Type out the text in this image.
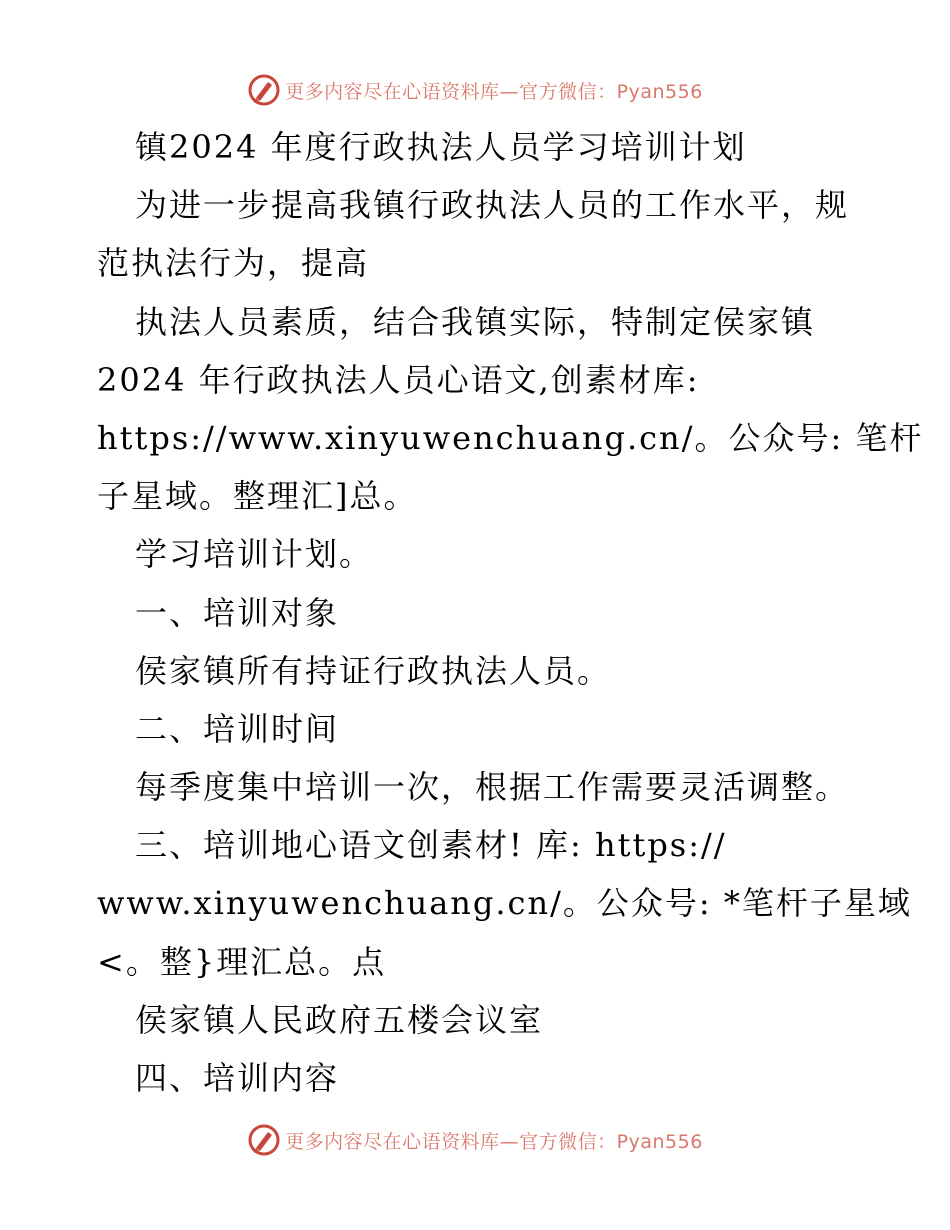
更多内容尽在心语资料库—官方微信：Pyan556
镇2024 年度行政执法人员学习培训计划
为进一步提高我镇行政执法人员的工作水平，规
范执法行为，提高
执法人员素质，结合我镇实际，特制定侯家镇
2024 年行政执法人员心语文,创素材库:
https://www.xinyuwenchuang.cn/。公众号: 笔杆
子星域。整理汇]总。
学习培训计划。
一、培训对象
侯家镇所有持证行政执法人员。
二、培训时间
每季度集中培训一次，根据工作需要灵活调整。
三、培训地心语文创素材! 库: https://
www.xinyuwenchuang.cn/。公众号: *笔杆子星域
<。整}理汇总。点
侯家镇人民政府五楼会议室
四、培训内容
更多内容尽在心语资料库—官方微信：Pyan556
